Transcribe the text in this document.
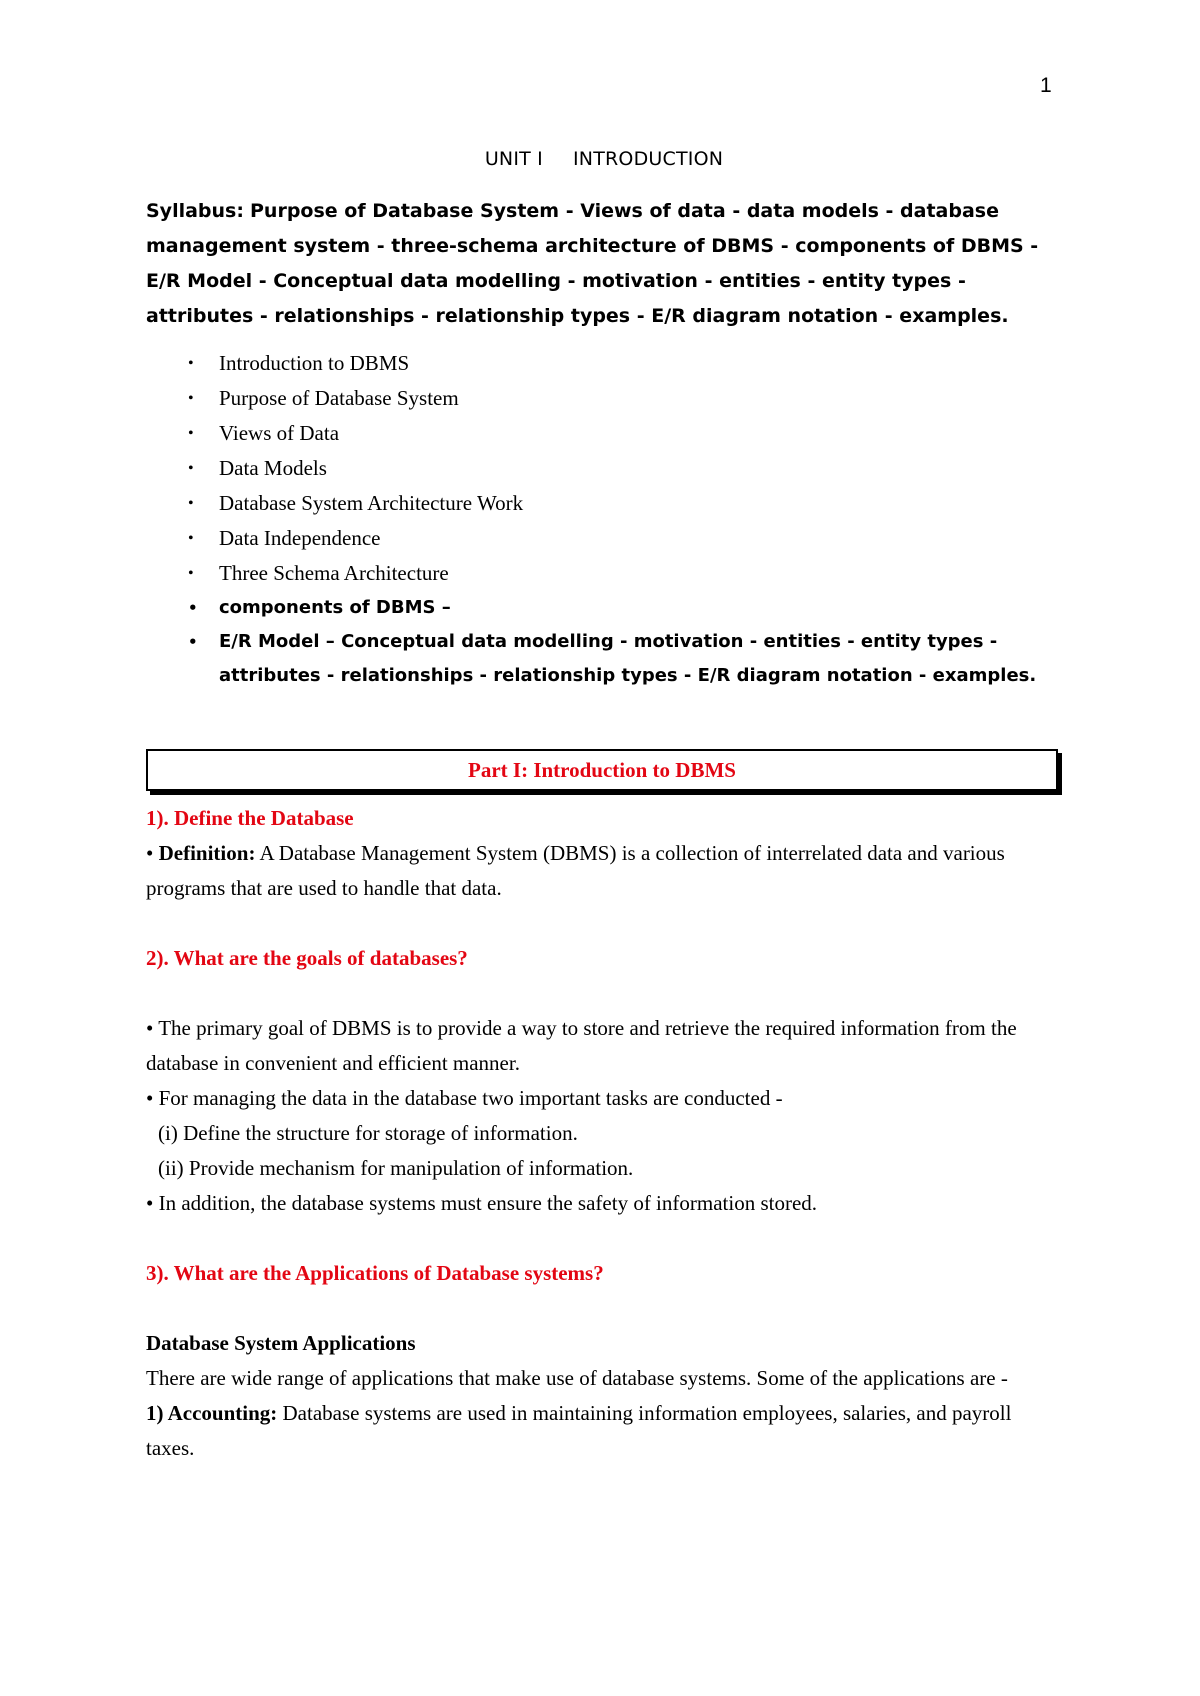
1
UNIT I INTRODUCTION

Syllabus: Purpose of Database System - Views of data - data models - database management system - three-schema architecture of DBMS - components of DBMS - E/R Model - Conceptual data modelling - motivation - entities - entity types - attributes - relationships - relationship types - E/R diagram notation - examples.

• Introduction to DBMS
• Purpose of Database System
• Views of Data
• Data Models
• Database System Architecture Work
• Data Independence
• Three Schema Architecture
• components of DBMS –
• E/R Model – Conceptual data modelling - motivation - entities - entity types - attributes - relationships - relationship types - E/R diagram notation - examples.
Part I: Introduction to DBMS
1). Define the Database
• Definition: A Database Management System (DBMS) is a collection of interrelated data and various programs that are used to handle that data.
2). What are the goals of databases?
• The primary goal of DBMS is to provide a way to store and retrieve the required information from the database in convenient and efficient manner.
• For managing the data in the database two important tasks are conducted -
(i) Define the structure for storage of information.
(ii) Provide mechanism for manipulation of information.
• In addition, the database systems must ensure the safety of information stored.
3). What are the Applications of Database systems?
Database System Applications
There are wide range of applications that make use of database systems. Some of the applications are -
1) Accounting: Database systems are used in maintaining information employees, salaries, and payroll taxes.
